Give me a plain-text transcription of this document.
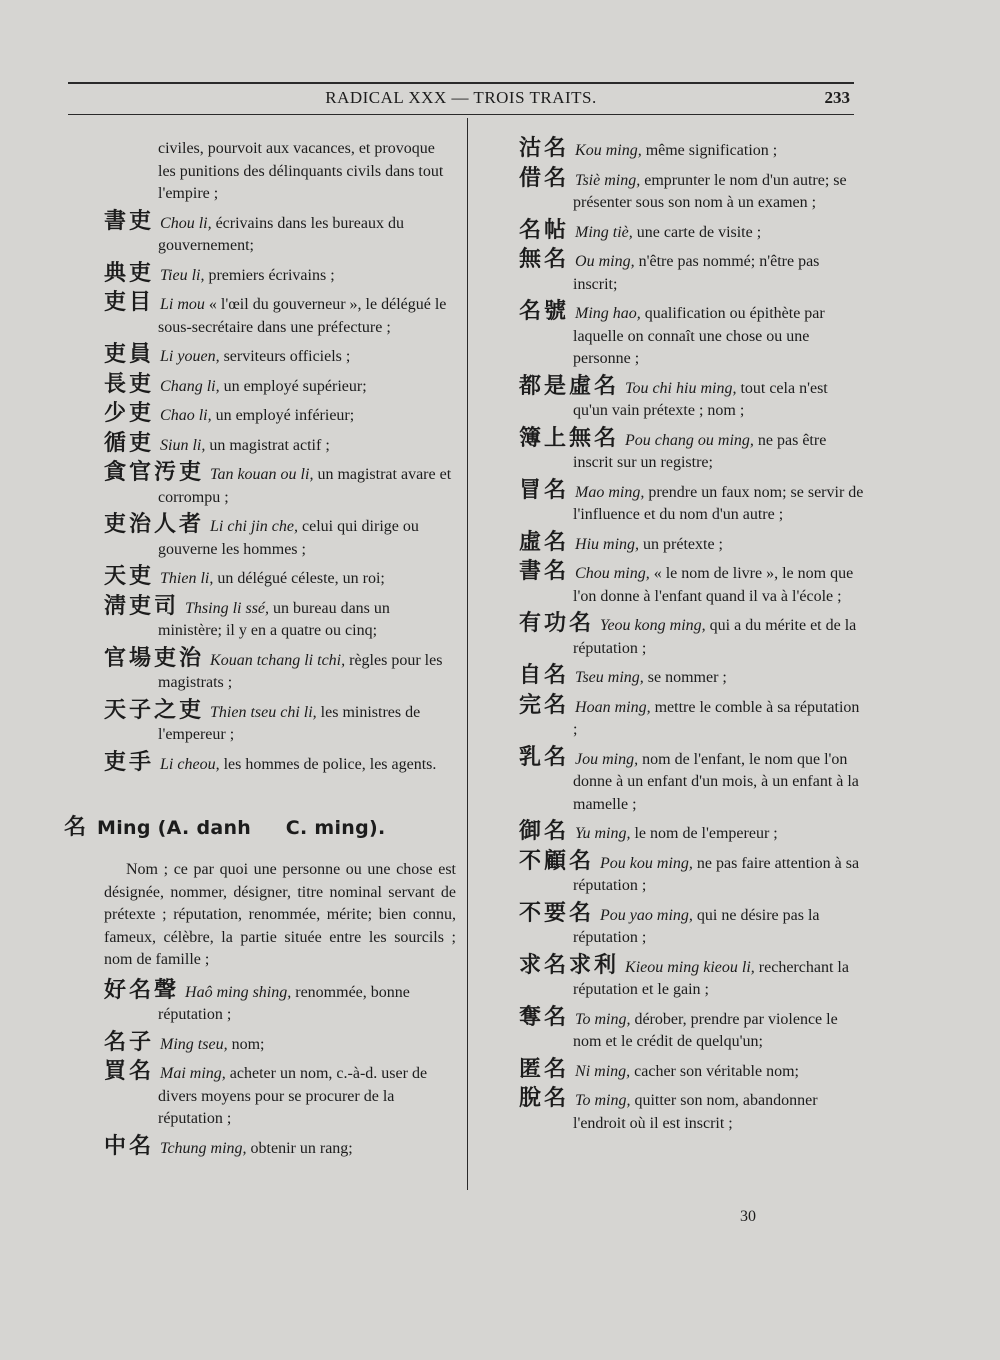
RADICAL XXX — TROIS TRAITS.	233
civiles, pourvoit aux vacances, et provoque les punitions des délinquants civils dans tout l'empire ;
書吏 Chou li, écrivains dans les bureaux du gouvernement;
典吏 Tieu li, premiers écrivains ;
吏目 Li mou « l'œil du gouverneur », le délégué le sous-secrétaire dans une préfecture ;
吏員 Li youen, serviteurs officiels ;
長吏 Chang li, un employé supérieur;
少吏 Chao li, un employé inférieur;
循吏 Siun li, un magistrat actif ;
貪官汚吏 Tan kouan ou li, un magistrat avare et corrompu ;
吏治人者 Li chi jin che, celui qui dirige ou gouverne les hommes ;
天吏 Thien li, un délégué céleste, un roi;
淸吏司 Thsing li ssé, un bureau dans un ministère; il y en a quatre ou cinq;
官場吏治 Kouan tchang li tchi, règles pour les magistrats ;
天子之吏 Thien tseu chi li, les ministres de l'empereur ;
吏手 Li cheou, les hommes de police, les agents.
名 Ming (A. danh     C. ming).
Nom ; ce par quoi une personne ou une chose est désignée, nommer, désigner, titre nominal servant de prétexte ; réputation, renommée, mérite; bien connu, fameux, célèbre, la partie située entre les sourcils ; nom de famille ;
好名聲 Haô ming shing, renommée, bonne réputation ;
名子 Ming tseu, nom;
買名 Mai ming, acheter un nom, c.-à-d. user de divers moyens pour se procurer de la réputation ;
中名 Tchung ming, obtenir un rang;
沽名 Kou ming, même signification ;
借名 Tsiè ming, emprunter le nom d'un autre; se présenter sous son nom à un examen ;
名帖 Ming tiè, une carte de visite ;
無名 Ou ming, n'être pas nommé; n'être pas inscrit;
名號 Ming hao, qualification ou épithète par laquelle on connaît une chose ou une personne ;
都是虛名 Tou chi hiu ming, tout cela n'est qu'un vain prétexte ; nom ;
簿上無名 Pou chang ou ming, ne pas être inscrit sur un registre;
冒名 Mao ming, prendre un faux nom; se servir de l'influence et du nom d'un autre ;
虛名 Hiu ming, un prétexte ;
書名 Chou ming, « le nom de livre », le nom que l'on donne à l'enfant quand il va à l'école ;
有功名 Yeou kong ming, qui a du mérite et de la réputation ;
自名 Tseu ming, se nommer ;
完名 Hoan ming, mettre le comble à sa réputation ;
乳名 Jou ming, nom de l'enfant, le nom que l'on donne à un enfant d'un mois, à un enfant à la mamelle ;
御名 Yu ming, le nom de l'empereur ;
不顧名 Pou kou ming, ne pas faire attention à sa réputation ;
不要名 Pou yao ming, qui ne désire pas la réputation ;
求名求利 Kieou ming kieou li, recherchant la réputation et le gain ;
奪名 To ming, dérober, prendre par violence le nom et le crédit de quelqu'un;
匿名 Ni ming, cacher son véritable nom;
脫名 To ming, quitter son nom, abandonner l'endroit où il est inscrit ;
30
